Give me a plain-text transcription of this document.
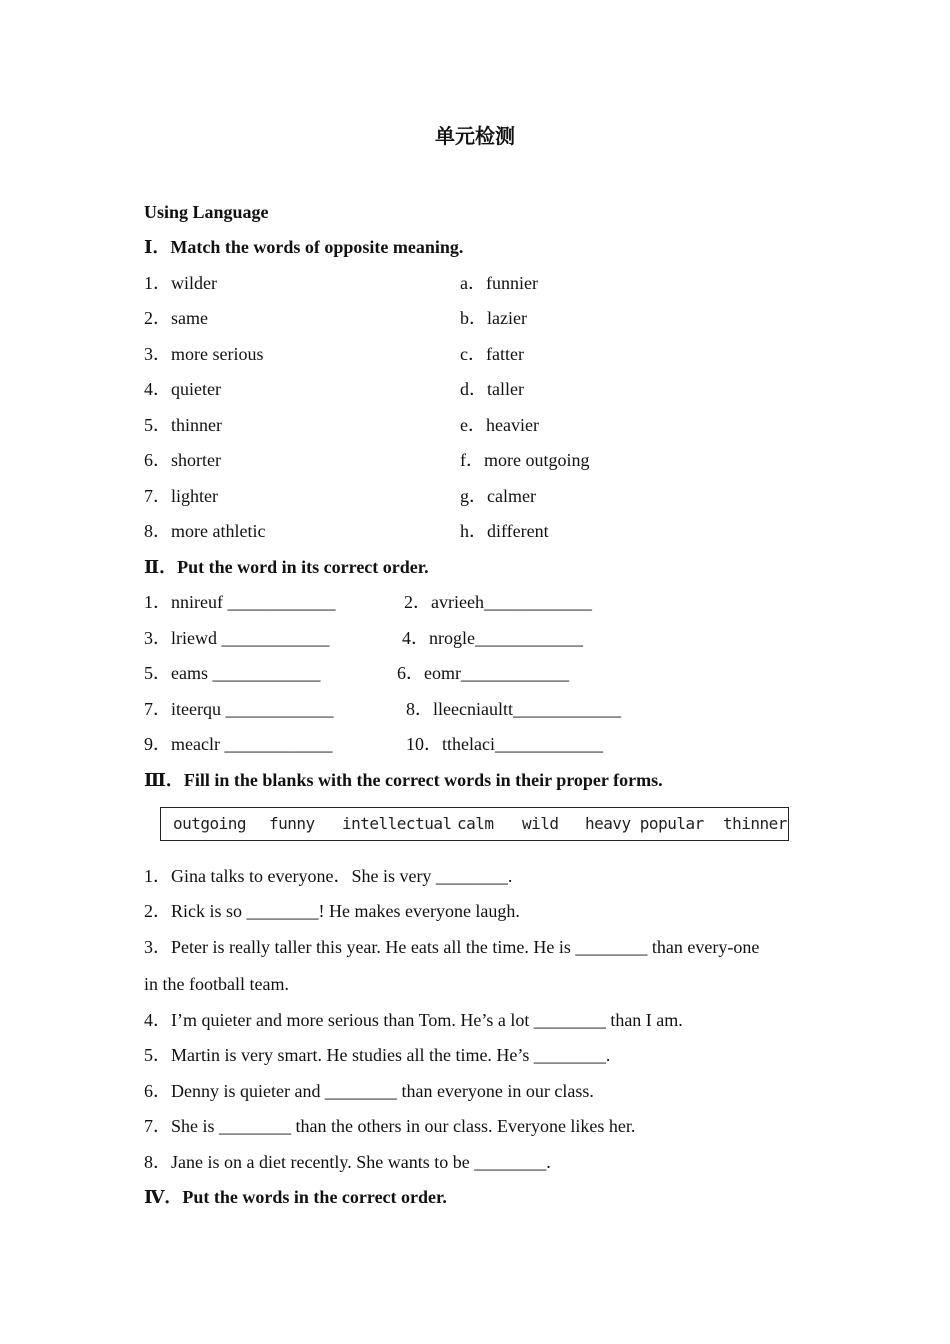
单元检测
Using Language
Ⅰ．Match the words of opposite meaning.
1．wilder
2．same
3．more serious
4．quieter
5．thinner
6．shorter
7．lighter
8．more athletic
a．funnier
b．lazier
c．fatter
d．taller
e．heavier
f．more outgoing
g．calmer
h．different
Ⅱ．Put the word in its correct order.
1．nnireuf ____________
3．lriewd ____________
5．eams ____________
7．iteerqu ____________
9．meaclr ____________
2．avrieeh____________
4．nrogle____________
6．eomr____________
8．lleecniaultt____________
10．tthelaci____________
Ⅲ．Fill in the blanks with the correct words in their proper forms.
outgoing funny intellectual calm wild heavy popular thinner
1．Gina talks to everyone．She is very ________.
2．Rick is so ________! He makes everyone laugh.
3．Peter is really taller this year. He eats all the time. He is ________ than every-one
in the football team.
4．I’m quieter and more serious than Tom. He’s a lot ________ than I am.
5．Martin is very smart. He studies all the time. He’s ________.
6．Denny is quieter and ________ than everyone in our class.
7．She is ________ than the others in our class. Everyone likes her.
8．Jane is on a diet recently. She wants to be ________.
Ⅳ．Put the words in the correct order.
